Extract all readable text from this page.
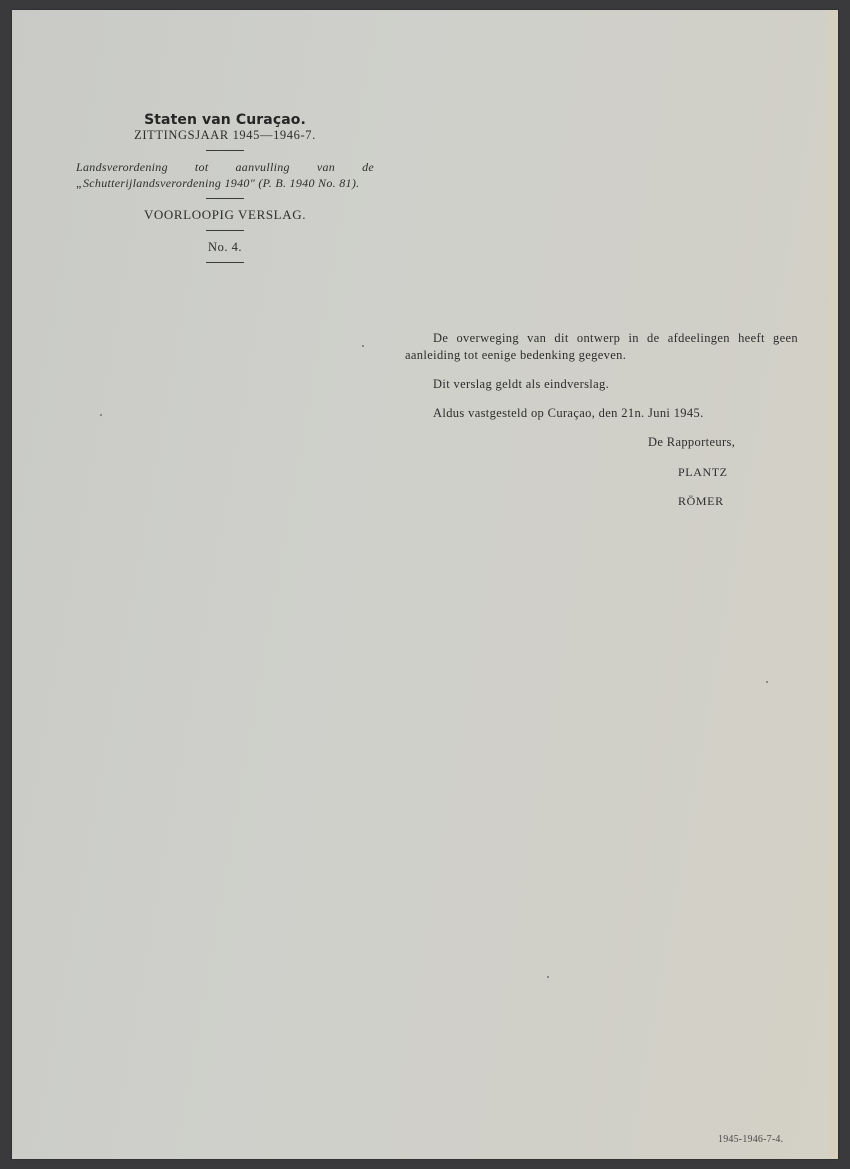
Staten van Curaçao.
ZITTINGSJAAR 1945—1946-7.
Landsverordening tot aanvulling van de „Schutterijlandsverordening 1940" (P. B. 1940 No. 81).
VOORLOOPIG VERSLAG.
No. 4.

De overweging van dit ontwerp in de afdeelingen heeft geen aanleiding tot eenige bedenking gegeven.

Dit verslag geldt als eindverslag.

Aldus vastgesteld op Curaçao, den 21n. Juni 1945.

De Rapporteurs,
PLANTZ
RÖMER
1945-1946-7-4.
